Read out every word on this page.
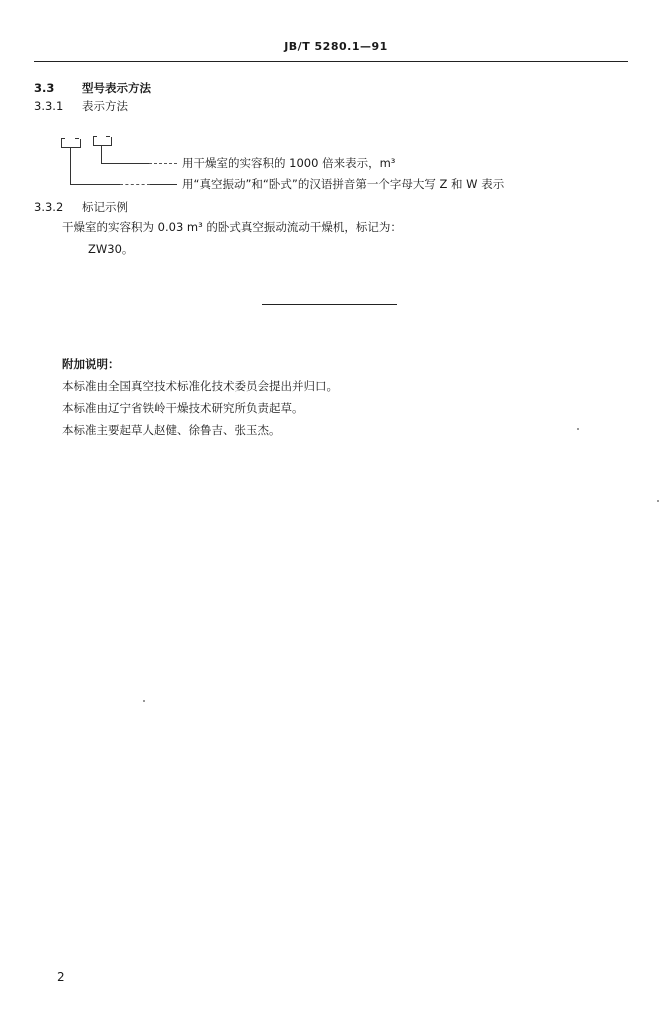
JB/T 5280.1—91
3.3 型号表示方法
3.3.1 表示方法
用干燥室的实容积的 1000 倍来表示，m³
用“真空振动”和“卧式”的汉语拼音第一个字母大写 Z 和 W 表示
3.3.2 标记示例
干燥室的实容积为 0.03 m³ 的卧式真空振动流动干燥机，标记为：
ZW30。
附加说明：
本标准由全国真空技术标准化技术委员会提出并归口。
本标准由辽宁省铁岭干燥技术研究所负责起草。
本标准主要起草人赵健、徐鲁吉、张玉杰。
2
